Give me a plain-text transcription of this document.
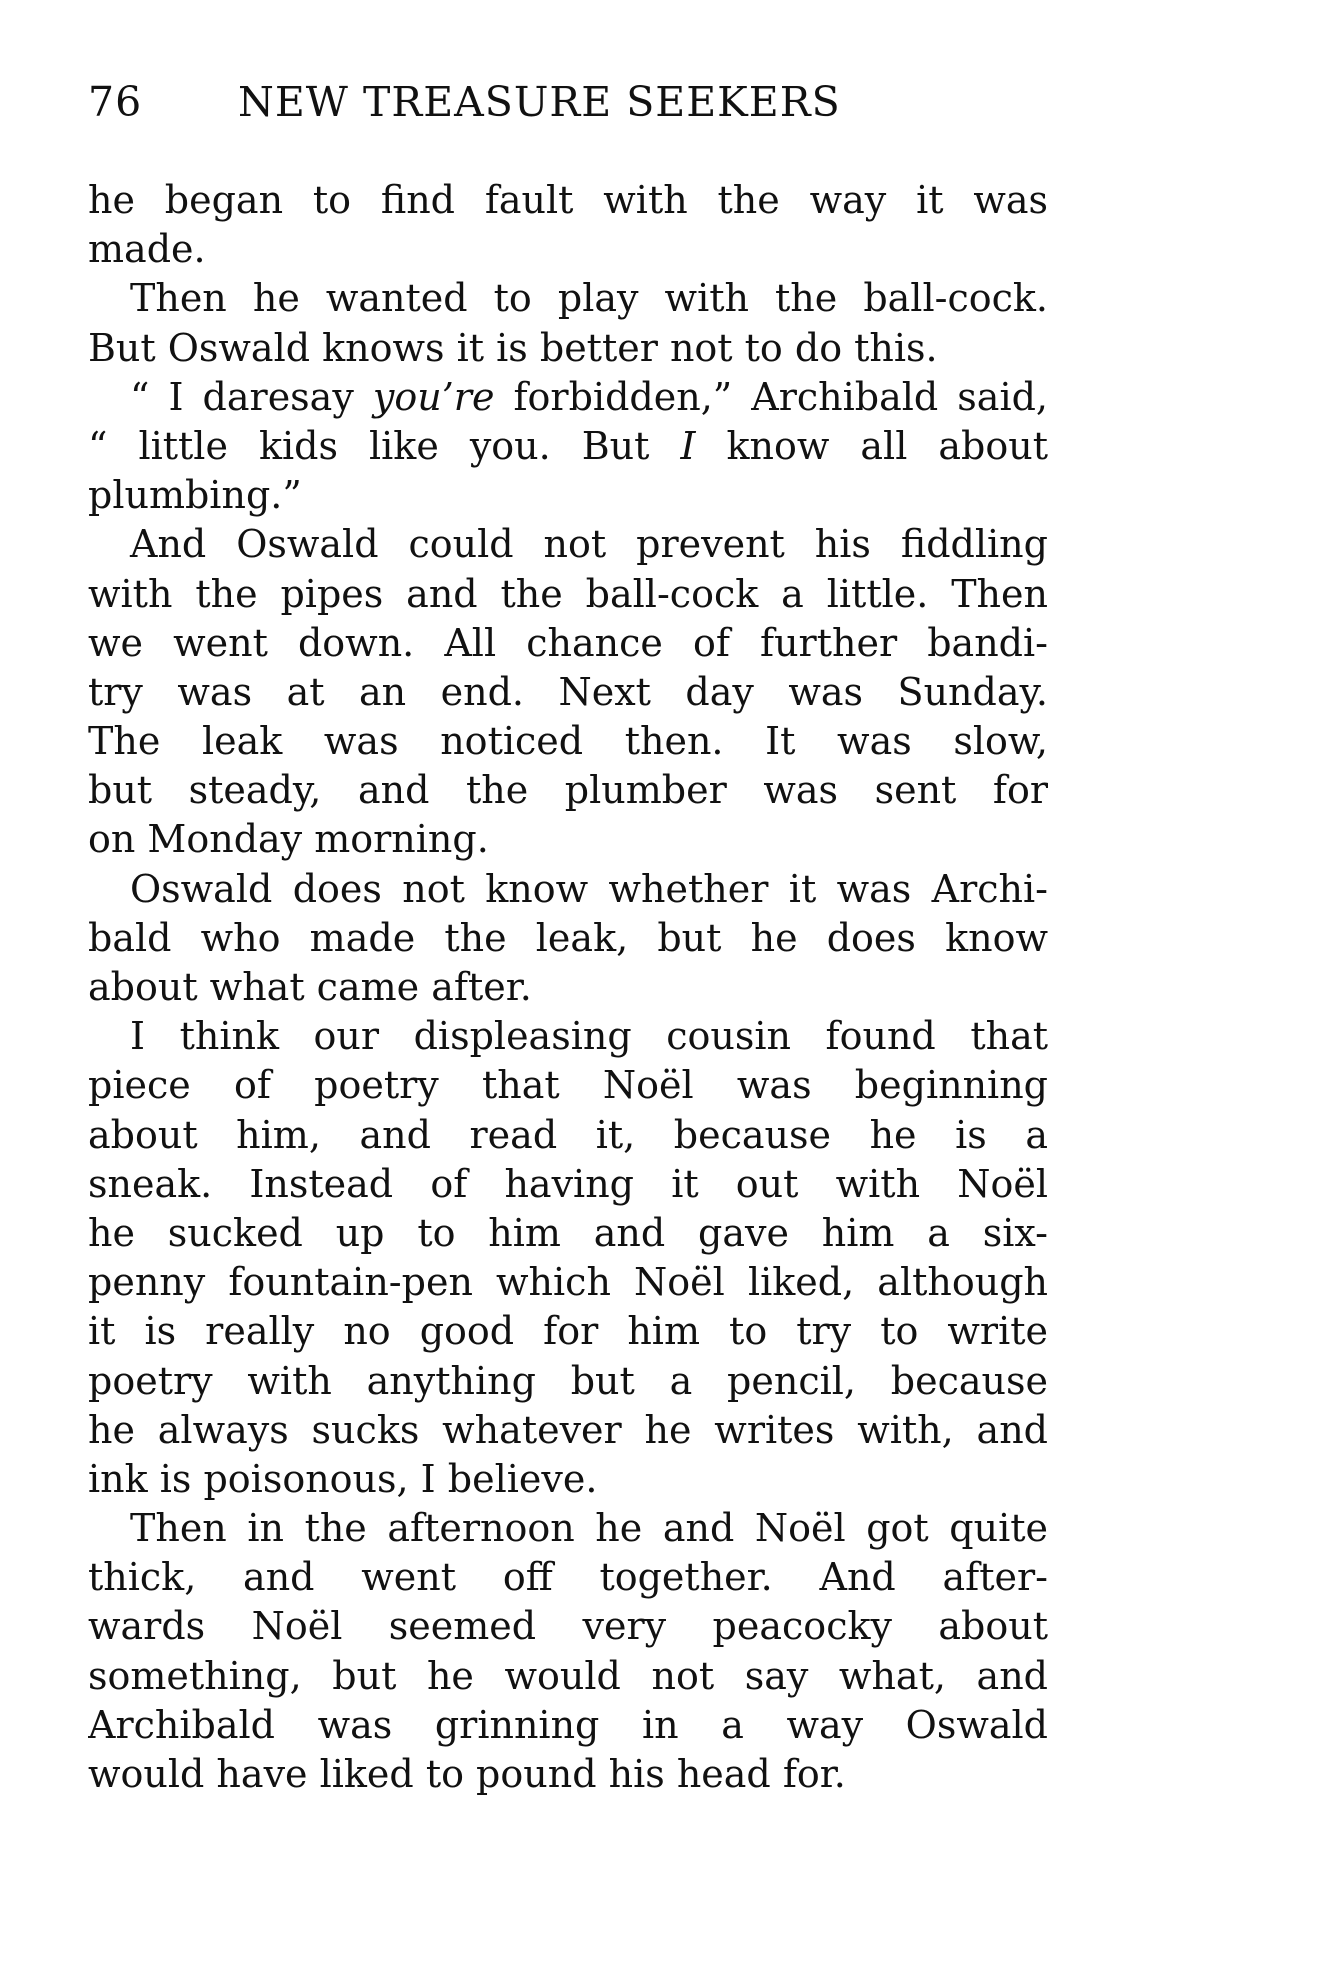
76 NEW TREASURE SEEKERS
he began to find fault with the way it was
made.
Then he wanted to play with the ball-cock.
But Oswald knows it is better not to do this.
“ I daresay you’re forbidden,” Archibald said,
“ little kids like you. But I know all about
plumbing.”
And Oswald could not prevent his fiddling
with the pipes and the ball-cock a little. Then
we went down. All chance of further bandi-
try was at an end. Next day was Sunday.
The leak was noticed then. It was slow,
but steady, and the plumber was sent for
on Monday morning.
Oswald does not know whether it was Archi-
bald who made the leak, but he does know
about what came after.
I think our displeasing cousin found that
piece of poetry that Noël was beginning
about him, and read it, because he is a
sneak. Instead of having it out with Noël
he sucked up to him and gave him a six-
penny fountain-pen which Noël liked, although
it is really no good for him to try to write
poetry with anything but a pencil, because
he always sucks whatever he writes with, and
ink is poisonous, I believe.
Then in the afternoon he and Noël got quite
thick, and went off together. And after-
wards Noël seemed very peacocky about
something, but he would not say what, and
Archibald was grinning in a way Oswald
would have liked to pound his head for.
